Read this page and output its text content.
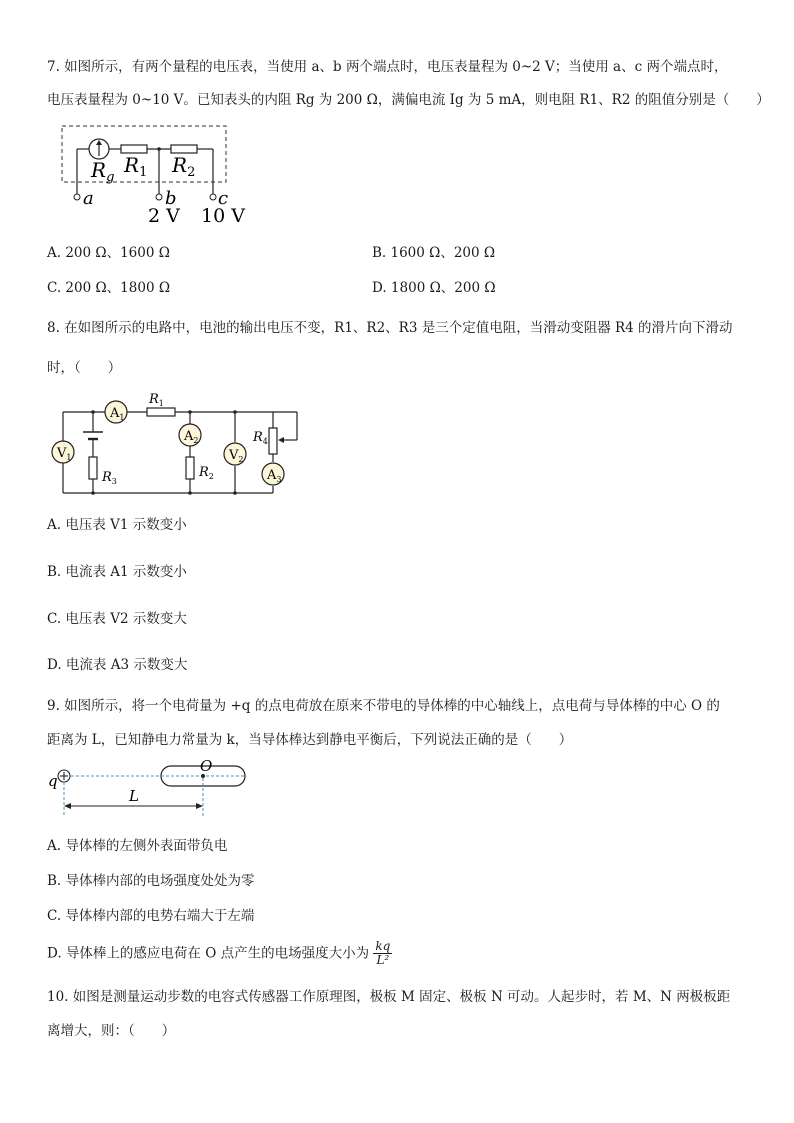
7. 如图所示，有两个量程的电压表，当使用 a、b 两个端点时，电压表量程为 0~2 V；当使用 a、c 两个端点时，
电压表量程为 0~10 V。已知表头的内阻 Rg 为 200 Ω，满偏电流 Ig 为 5 mA，则电阻 R1、R2 的阻值分别是（　　）
$R_g$
$R_1$ $R_2$
a	b c
2 V 10 V
A. 200 Ω、1600 Ω	B. 1600 Ω、200 Ω
C. 200 Ω、1800 Ω	D. 1800 Ω、200 Ω
8. 在如图所示的电路中，电池的输出电压不变，R1、R2、R3 是三个定值电阻，当滑动变阻器 R4 的滑片向下滑动
时，（　　）
$A_1$
$A_2$
$A_3$
$V_1$	$V_2$
$R_1$
$R_3$
$R_2$
$R_4$
A. 电压表 V1 示数变小
B. 电流表 A1 示数变小
C. 电压表 V2 示数变大
D. 电流表 A3 示数变大
9. 如图所示，将一个电荷量为 +q 的点电荷放在原来不带电的导体棒的中心轴线上，点电荷与导体棒的中心 O 的
距离为 L，已知静电力常量为 k，当导体棒达到静电平衡后，下列说法正确的是（　　）
q
O
L
A. 导体棒的左侧外表面带负电
B. 导体棒内部的电场强度处处为零
C. 导体棒内部的电势右端大于左端
D. 导体棒上的感应电荷在 O 点产生的电场强度大小为 $\frac{kq}{\text{L²}}$
10. 如图是测量运动步数的电容式传感器工作原理图，极板 M 固定、极板 N 可动。人起步时，若 M、N 两极板距
离增大，则：（　　）
